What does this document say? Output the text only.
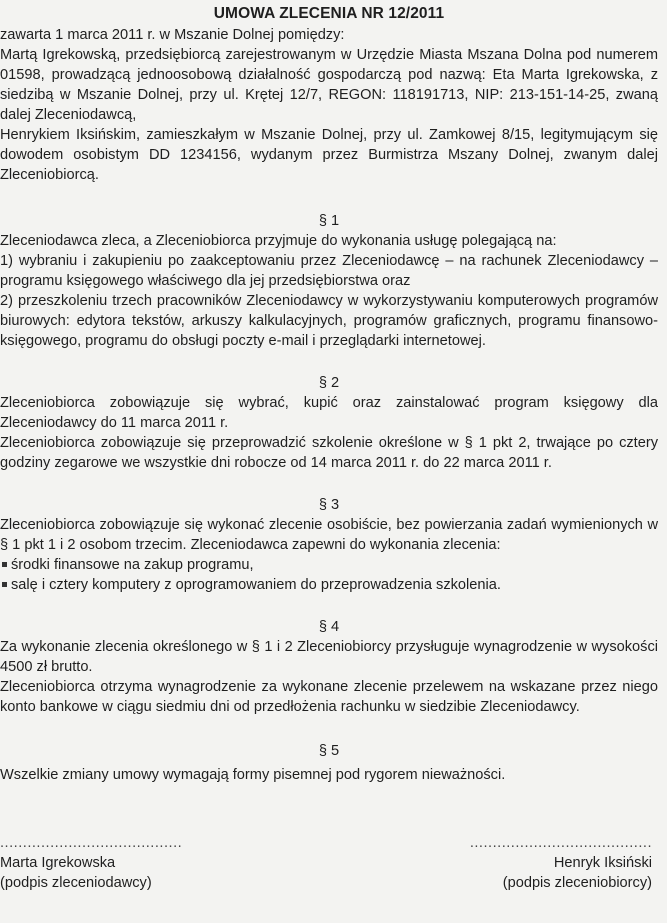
UMOWA ZLECENIA NR 12/2011

zawarta 1 marca 2011 r. w Mszanie Dolnej pomiędzy:

Martą Igrekowską, przedsiębiorcą zarejestrowanym w Urzędzie Miasta Mszana Dolna pod numerem 01598, prowadzącą jednoosobową działalność gospodarczą pod nazwą: Eta Marta Igrekowska, z siedzibą w Mszanie Dolnej, przy ul. Krętej 12/7, REGON: 118191713, NIP: 213-151-14-25, zwaną dalej Zleceniodawcą,

Henrykiem Iksińskim, zamieszkałym w Mszanie Dolnej, przy ul. Zamkowej 8/15, legitymującym się dowodem osobistym DD 1234156, wydanym przez Burmistrza Mszany Dolnej, zwanym dalej Zleceniobiorcą.

§ 1

Zleceniodawca zleca, a Zleceniobiorca przyjmuje do wykonania usługę polegającą na:

1) wybraniu i zakupieniu po zaakceptowaniu przez Zleceniodawcę – na rachunek Zleceniodawcy – programu księgowego właściwego dla jej przedsiębiorstwa oraz

2) przeszkoleniu trzech pracowników Zleceniodawcy w wykorzystywaniu komputerowych programów biurowych: edytora tekstów, arkuszy kalkulacyjnych, programów graficznych, programu finansowo-księgowego, programu do obsługi poczty e-mail i przeglądarki internetowej.

§ 2

Zleceniobiorca zobowiązuje się wybrać, kupić oraz zainstalować program księgowy dla Zleceniodawcy do 11 marca 2011 r.

Zleceniobiorca zobowiązuje się przeprowadzić szkolenie określone w § 1 pkt 2, trwające po cztery godziny zegarowe we wszystkie dni robocze od 14 marca 2011 r. do 22 marca 2011 r.

§ 3

Zleceniobiorca zobowiązuje się wykonać zlecenie osobiście, bez powierzania zadań wymienionych w § 1 pkt 1 i 2 osobom trzecim. Zleceniodawca zapewni do wykonania zlecenia:

środki finansowe na zakup programu,

salę i cztery komputery z oprogramowaniem do przeprowadzenia szkolenia.

§ 4

Za wykonanie zlecenia określonego w § 1 i 2 Zleceniobiorcy przysługuje wynagrodzenie w wysokości 4500 zł brutto.

Zleceniobiorca otrzyma wynagrodzenie za wykonane zlecenie przelewem na wskazane przez niego konto bankowe w ciągu siedmiu dni od przedłożenia rachunku w siedzibie Zleceniodawcy.

§ 5

Wszelkie zmiany umowy wymagają formy pisemnej pod rygorem nieważności.

........................................
Marta Igrekowska
(podpis zleceniodawcy)
........................................
Henryk Iksiński
(podpis zleceniobiorcy)
